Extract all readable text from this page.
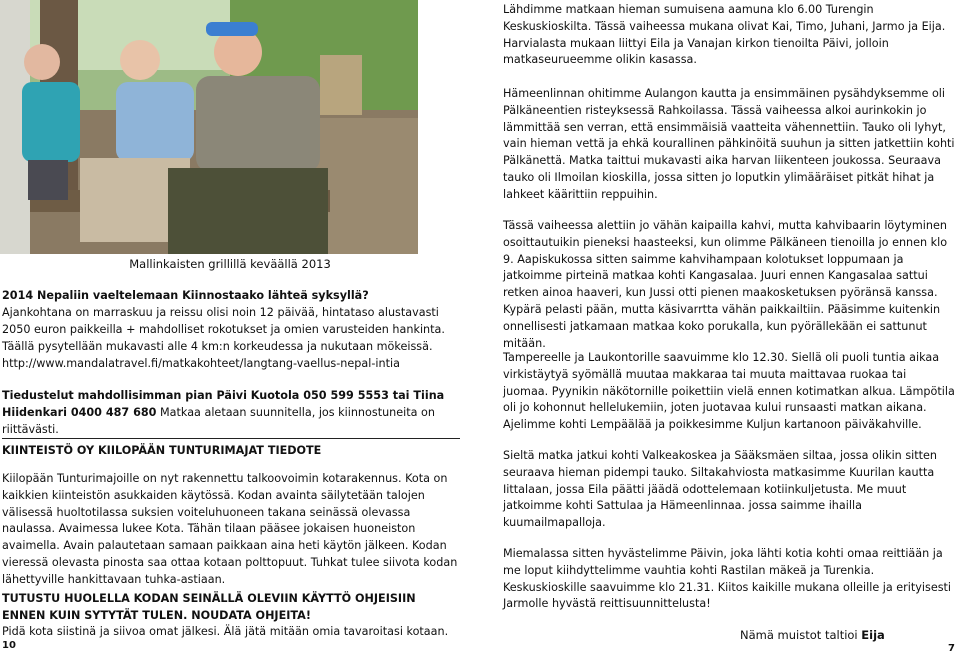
Mallinkaisten grillillä keväällä 2013

2014 Nepaliin vaeltelemaan Kiinnostaako lähteä syksyllä?

Ajankohtana on marraskuu ja reissu olisi noin 12 päivää, hintataso alustavasti 2050 euron paikkeilla + mahdolliset rokotukset ja omien varusteiden hankinta. Täällä pysytellään mukavasti alle 4 km:n korkeudessa ja nukutaan mökeissä.

http://www.mandalatravel.fi/matkakohteet/langtang-vaellus-nepal-intia

Tiedustelut mahdollisimman pian Päivi Kuotola 050 599 5553 tai Tiina Hiidenkari 0400 487 680 Matkaa aletaan suunnitella, jos kiinnostuneita on riittävästi.

KIINTEISTÖ OY KIILOPÄÄN TUNTURIMAJAT TIEDOTE

Kiilopään Tunturimajoille on nyt rakennettu talkoovoimin kotarakennus. Kota on kaikkien kiinteistön asukkaiden käytössä. Kodan avainta säilytetään talojen välisessä huoltotilassa suksien voiteluhuoneen takana seinässä olevassa naulassa. Avaimessa lukee Kota. Tähän tilaan pääsee jokaisen huoneiston avaimella. Avain palautetaan samaan paikkaan aina heti käytön jälkeen. Kodan vieressä olevasta pinosta saa ottaa kotaan polttopuut. Tuhkat tulee siivota kodan lähettyville hankittavaan tuhka-astiaan.

TUTUSTU HUOLELLA KODAN SEINÄLLÄ OLEVIIN KÄYTTÖ OHJEISIIN ENNEN KUIN SYTYTÄT TULEN. NOUDATA OHJEITA!

Pidä kota siistinä ja siivoa omat jälkesi. Älä jätä mitään omia tavaroitasi kotaan.

10

Lähdimme matkaan hieman sumuisena aamuna klo 6.00 Turengin Keskuskioskilta. Tässä vaiheessa mukana olivat Kai, Timo, Juhani, Jarmo ja Eija. Harvialasta mukaan liittyi Eila ja Vanajan kirkon tienoilta Päivi, jolloin matkaseurueemme olikin kasassa.

Hämeenlinnan ohitimme Aulangon kautta ja ensimmäinen pysähdyksemme oli Pälkäneentien risteyksessä Rahkoilassa. Tässä vaiheessa alkoi aurinkokin jo lämmittää sen verran, että ensimmäisiä vaatteita vähennettiin. Tauko oli lyhyt, vain hieman vettä ja ehkä kourallinen pähkinöitä suuhun ja sitten jatkettiin kohti Pälkänettä. Matka taittui mukavasti aika harvan liikenteen joukossa. Seuraava tauko oli Ilmoilan kioskilla, jossa sitten jo loputkin ylimääräiset pitkät hihat ja lahkeet käärittiin reppuihin.

Tässä vaiheessa alettiin jo vähän kaipailla kahvi, mutta kahvibaarin löytyminen osoittautuikin pieneksi haasteeksi, kun olimme Pälkäneen tienoilla jo ennen klo 9. Aapiskukossa sitten saimme kahvihampaan kolotukset loppumaan ja jatkoimme pirteinä matkaa kohti Kangasalaa. Juuri ennen Kangasalaa sattui retken ainoa haaveri, kun Jussi otti pienen maakosketuksen pyöränsä kanssa. Kypärä pelasti pään, mutta käsivarrtta vähän paikkailtiin. Pääsimme kuitenkin onnellisesti jatkamaan matkaa koko porukalla, kun pyörällekään ei sattunut mitään.

Tampereelle ja Laukontorille saavuimme klo 12.30. Siellä oli puoli tuntia aikaa virkistäytyä syömällä muutaa makkaraa tai muuta maittavaa ruokaa tai juomaa. Pyynikin näkötornille poikettiin vielä ennen kotimatkan alkua. Lämpötila oli jo kohonnut hellelukemiin, joten juotavaa kului runsaasti matkan aikana. Ajelimme kohti Lempäälää ja poikkesimme Kuljun kartanoon päiväkahville.

Sieltä matka jatkui kohti Valkeakoskea ja Sääksmäen siltaa, jossa olikin sitten seuraava hieman pidempi tauko. Siltakahviosta matkasimme Kuurilan kautta Iittalaan, jossa Eila päätti jäädä odottelemaan kotiinkuljetusta. Me muut jatkoimme kohti Sattulaa ja Hämeenlinnaa. jossa saimme ihailla kuumailmapalloja.

Miemalassa sitten hyvästelimme Päivin, joka lähti kotia kohti omaa reittiään ja me loput kiihdyttelimme vauhtia kohti Rastilan mäkeä ja Turenkia. Keskuskioskille saavuimme klo 21.31. Kiitos kaikille mukana olleille ja erityisesti Jarmolle hyvästä reittisuunnittelusta!

Nämä muistot taltioi Eija

7
